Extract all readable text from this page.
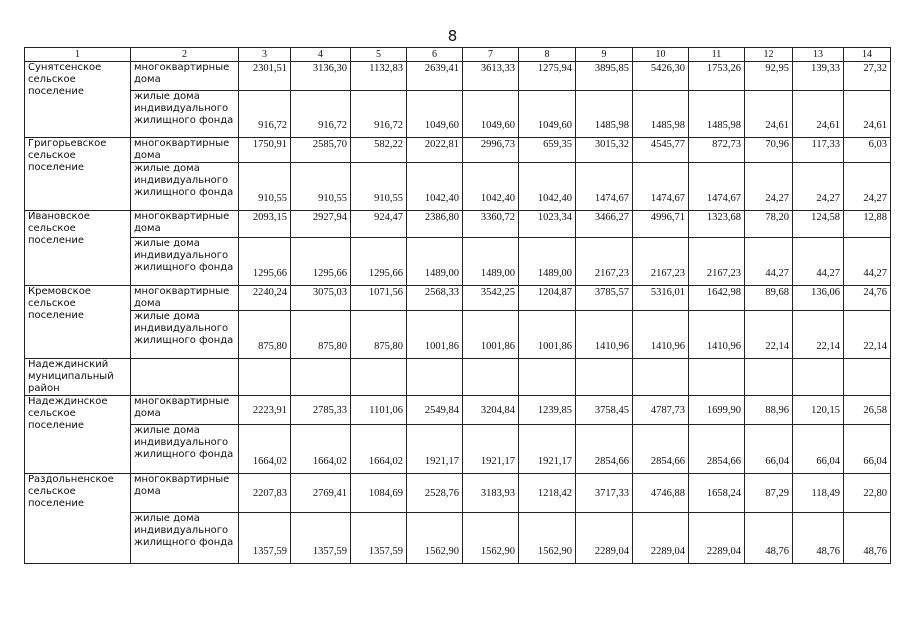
8
1	2	3	4	5	6	7	8	9	10	11	12	13	14
Сунятсенское сельское поселение	многоквартирные дома	2301,51	3136,30	1132,83	2639,41	3613,33	1275,94	3895,85	5426,30	1753,26	92,95	139,33	27,32
	жилые дома индивидуального жилищного фонда	916,72	916,72	916,72	1049,60	1049,60	1049,60	1485,98	1485,98	1485,98	24,61	24,61	24,61
Григорьевское сельское поселение	многоквартирные дома	1750,91	2585,70	582,22	2022,81	2996,73	659,35	3015,32	4545,77	872,73	70,96	117,33	6,03
	жилые дома индивидуального жилищного фонда	910,55	910,55	910,55	1042,40	1042,40	1042,40	1474,67	1474,67	1474,67	24,27	24,27	24,27
Ивановское сельское поселение	многоквартирные дома	2093,15	2927,94	924,47	2386,80	3360,72	1023,34	3466,27	4996,71	1323,68	78,20	124,58	12,88
	жилые дома индивидуального жилищного фонда	1295,66	1295,66	1295,66	1489,00	1489,00	1489,00	2167,23	2167,23	2167,23	44,27	44,27	44,27
Кремовское сельское поселение	многоквартирные дома	2240,24	3075,03	1071,56	2568,33	3542,25	1204,87	3785,57	5316,01	1642,98	89,68	136,06	24,76
	жилые дома индивидуального жилищного фонда	875,80	875,80	875,80	1001,86	1001,86	1001,86	1410,96	1410,96	1410,96	22,14	22,14	22,14
Надеждинский муниципальный район													
Надеждинское сельское поселение	многоквартирные дома	2223,91	2785,33	1101,06	2549,84	3204,84	1239,85	3758,45	4787,73	1699,90	88,96	120,15	26,58
	жилые дома индивидуального жилищного фонда	1664,02	1664,02	1664,02	1921,17	1921,17	1921,17	2854,66	2854,66	2854,66	66,04	66,04	66,04
Раздольненское сельское поселение	многоквартирные дома	2207,83	2769,41	1084,69	2528,76	3183,93	1218,42	3717,33	4746,88	1658,24	87,29	118,49	22,80
	жилые дома индивидуального жилищного фонда	1357,59	1357,59	1357,59	1562,90	1562,90	1562,90	2289,04	2289,04	2289,04	48,76	48,76	48,76
